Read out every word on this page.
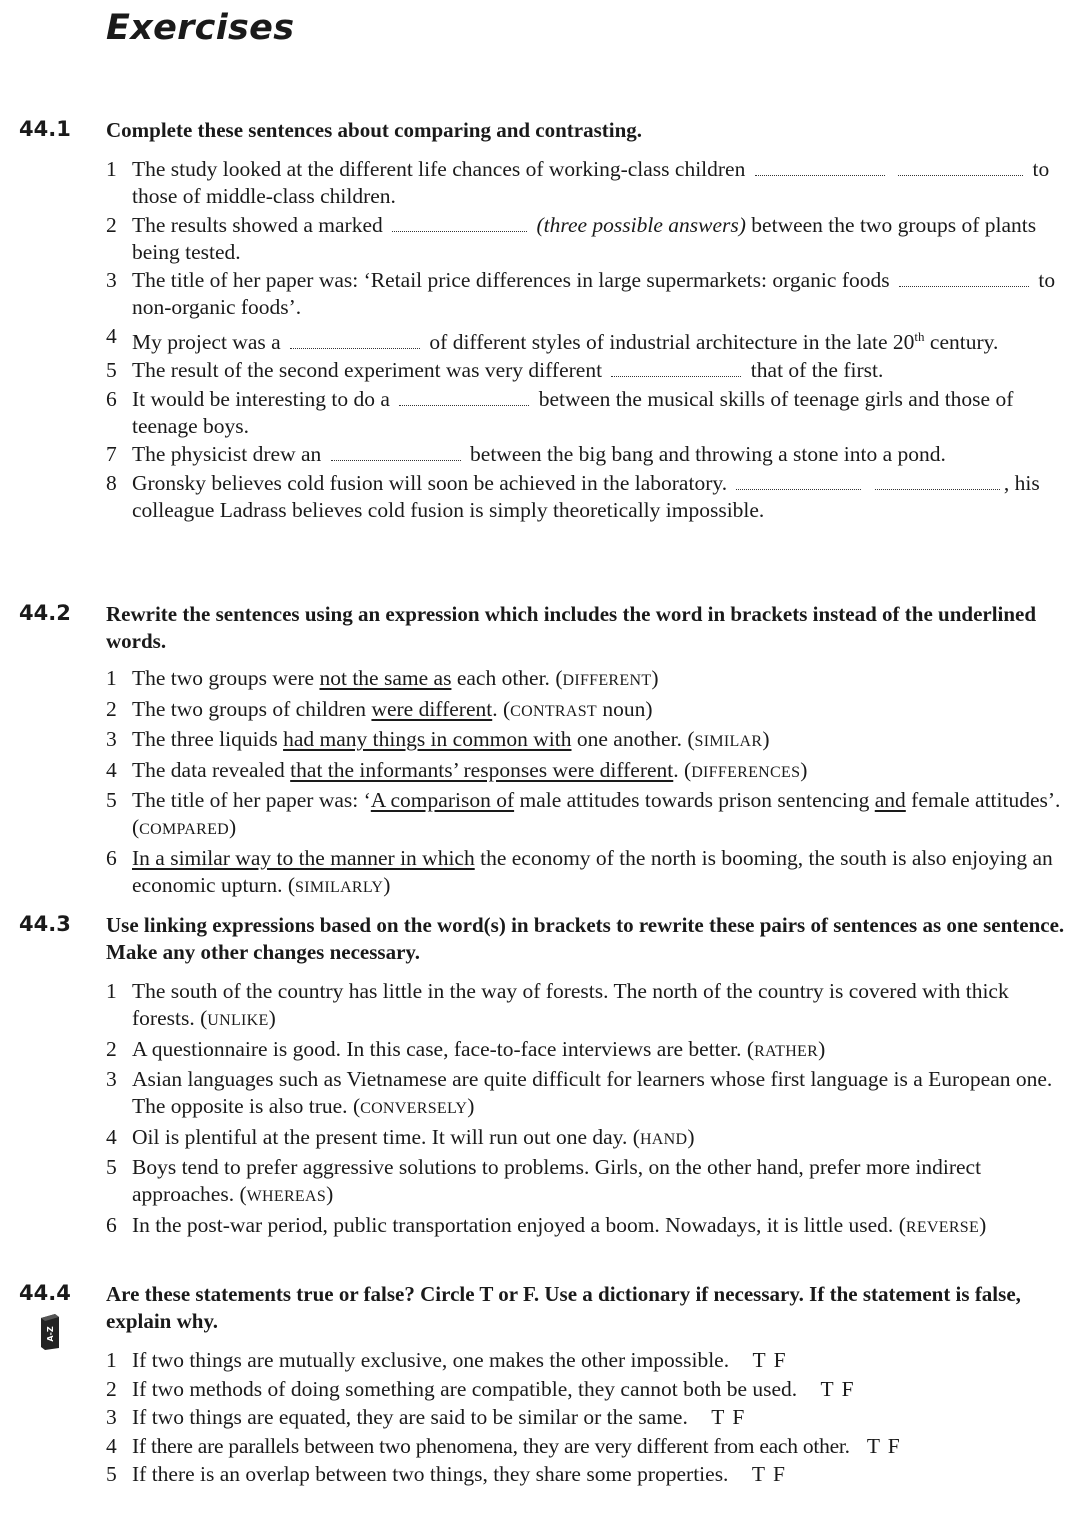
Exercises
44.1 Complete these sentences about comparing and contrasting.
1 The study looked at the different life chances of working-class children	to those of middle-class children.
2 The results showed a marked	(three possible answers) between the two groups of plants being tested.
3 The title of her paper was: ‘Retail price differences in large supermarkets: organic foods	to non-organic foods’.
4 My project was a	of different styles of industrial architecture in the late 20th century.
5 The result of the second experiment was very different	that of the first.
6 It would be interesting to do a	between the musical skills of teenage girls and those of teenage boys.
7 The physicist drew an	between the big bang and throwing a stone into a pond.
8 Gronsky believes cold fusion will soon be achieved in the laboratory.	, his colleague Ladrass believes cold fusion is simply theoretically impossible.
44.2 Rewrite the sentences using an expression which includes the word in brackets instead of the underlined words.
1 The two groups were not the same as each other. (DIFFERENT)
2 The two groups of children were different. (CONTRAST noun)
3 The three liquids had many things in common with one another. (SIMILAR)
4 The data revealed that the informants’ responses were different. (DIFFERENCES)
5 The title of her paper was: ‘A comparison of male attitudes towards prison sentencing and female attitudes’. (COMPARED)
6 In a similar way to the manner in which the economy of the north is booming, the south is also enjoying an economic upturn. (SIMILARLY)
44.3 Use linking expressions based on the word(s) in brackets to rewrite these pairs of sentences as one sentence. Make any other changes necessary.
1 The south of the country has little in the way of forests. The north of the country is covered with thick forests. (UNLIKE)
2 A questionnaire is good. In this case, face-to-face interviews are better. (RATHER)
3 Asian languages such as Vietnamese are quite difficult for learners whose first language is a European one. The opposite is also true. (CONVERSELY)
4 Oil is plentiful at the present time. It will run out one day. (HAND)
5 Boys tend to prefer aggressive solutions to problems. Girls, on the other hand, prefer more indirect approaches. (WHEREAS)
6 In the post-war period, public transportation enjoyed a boom. Nowadays, it is little used. (REVERSE)
44.4 Are these statements true or false? Circle T or F. Use a dictionary if necessary. If the statement is false, explain why.
1 If two things are mutually exclusive, one makes the other impossible. T F
2 If two methods of doing something are compatible, they cannot both be used. T F
3 If two things are equated, they are said to be similar or the same. T F
4 If there are parallels between two phenomena, they are very different from each other. T F
5 If there is an overlap between two things, they share some properties. T F
A-Z
